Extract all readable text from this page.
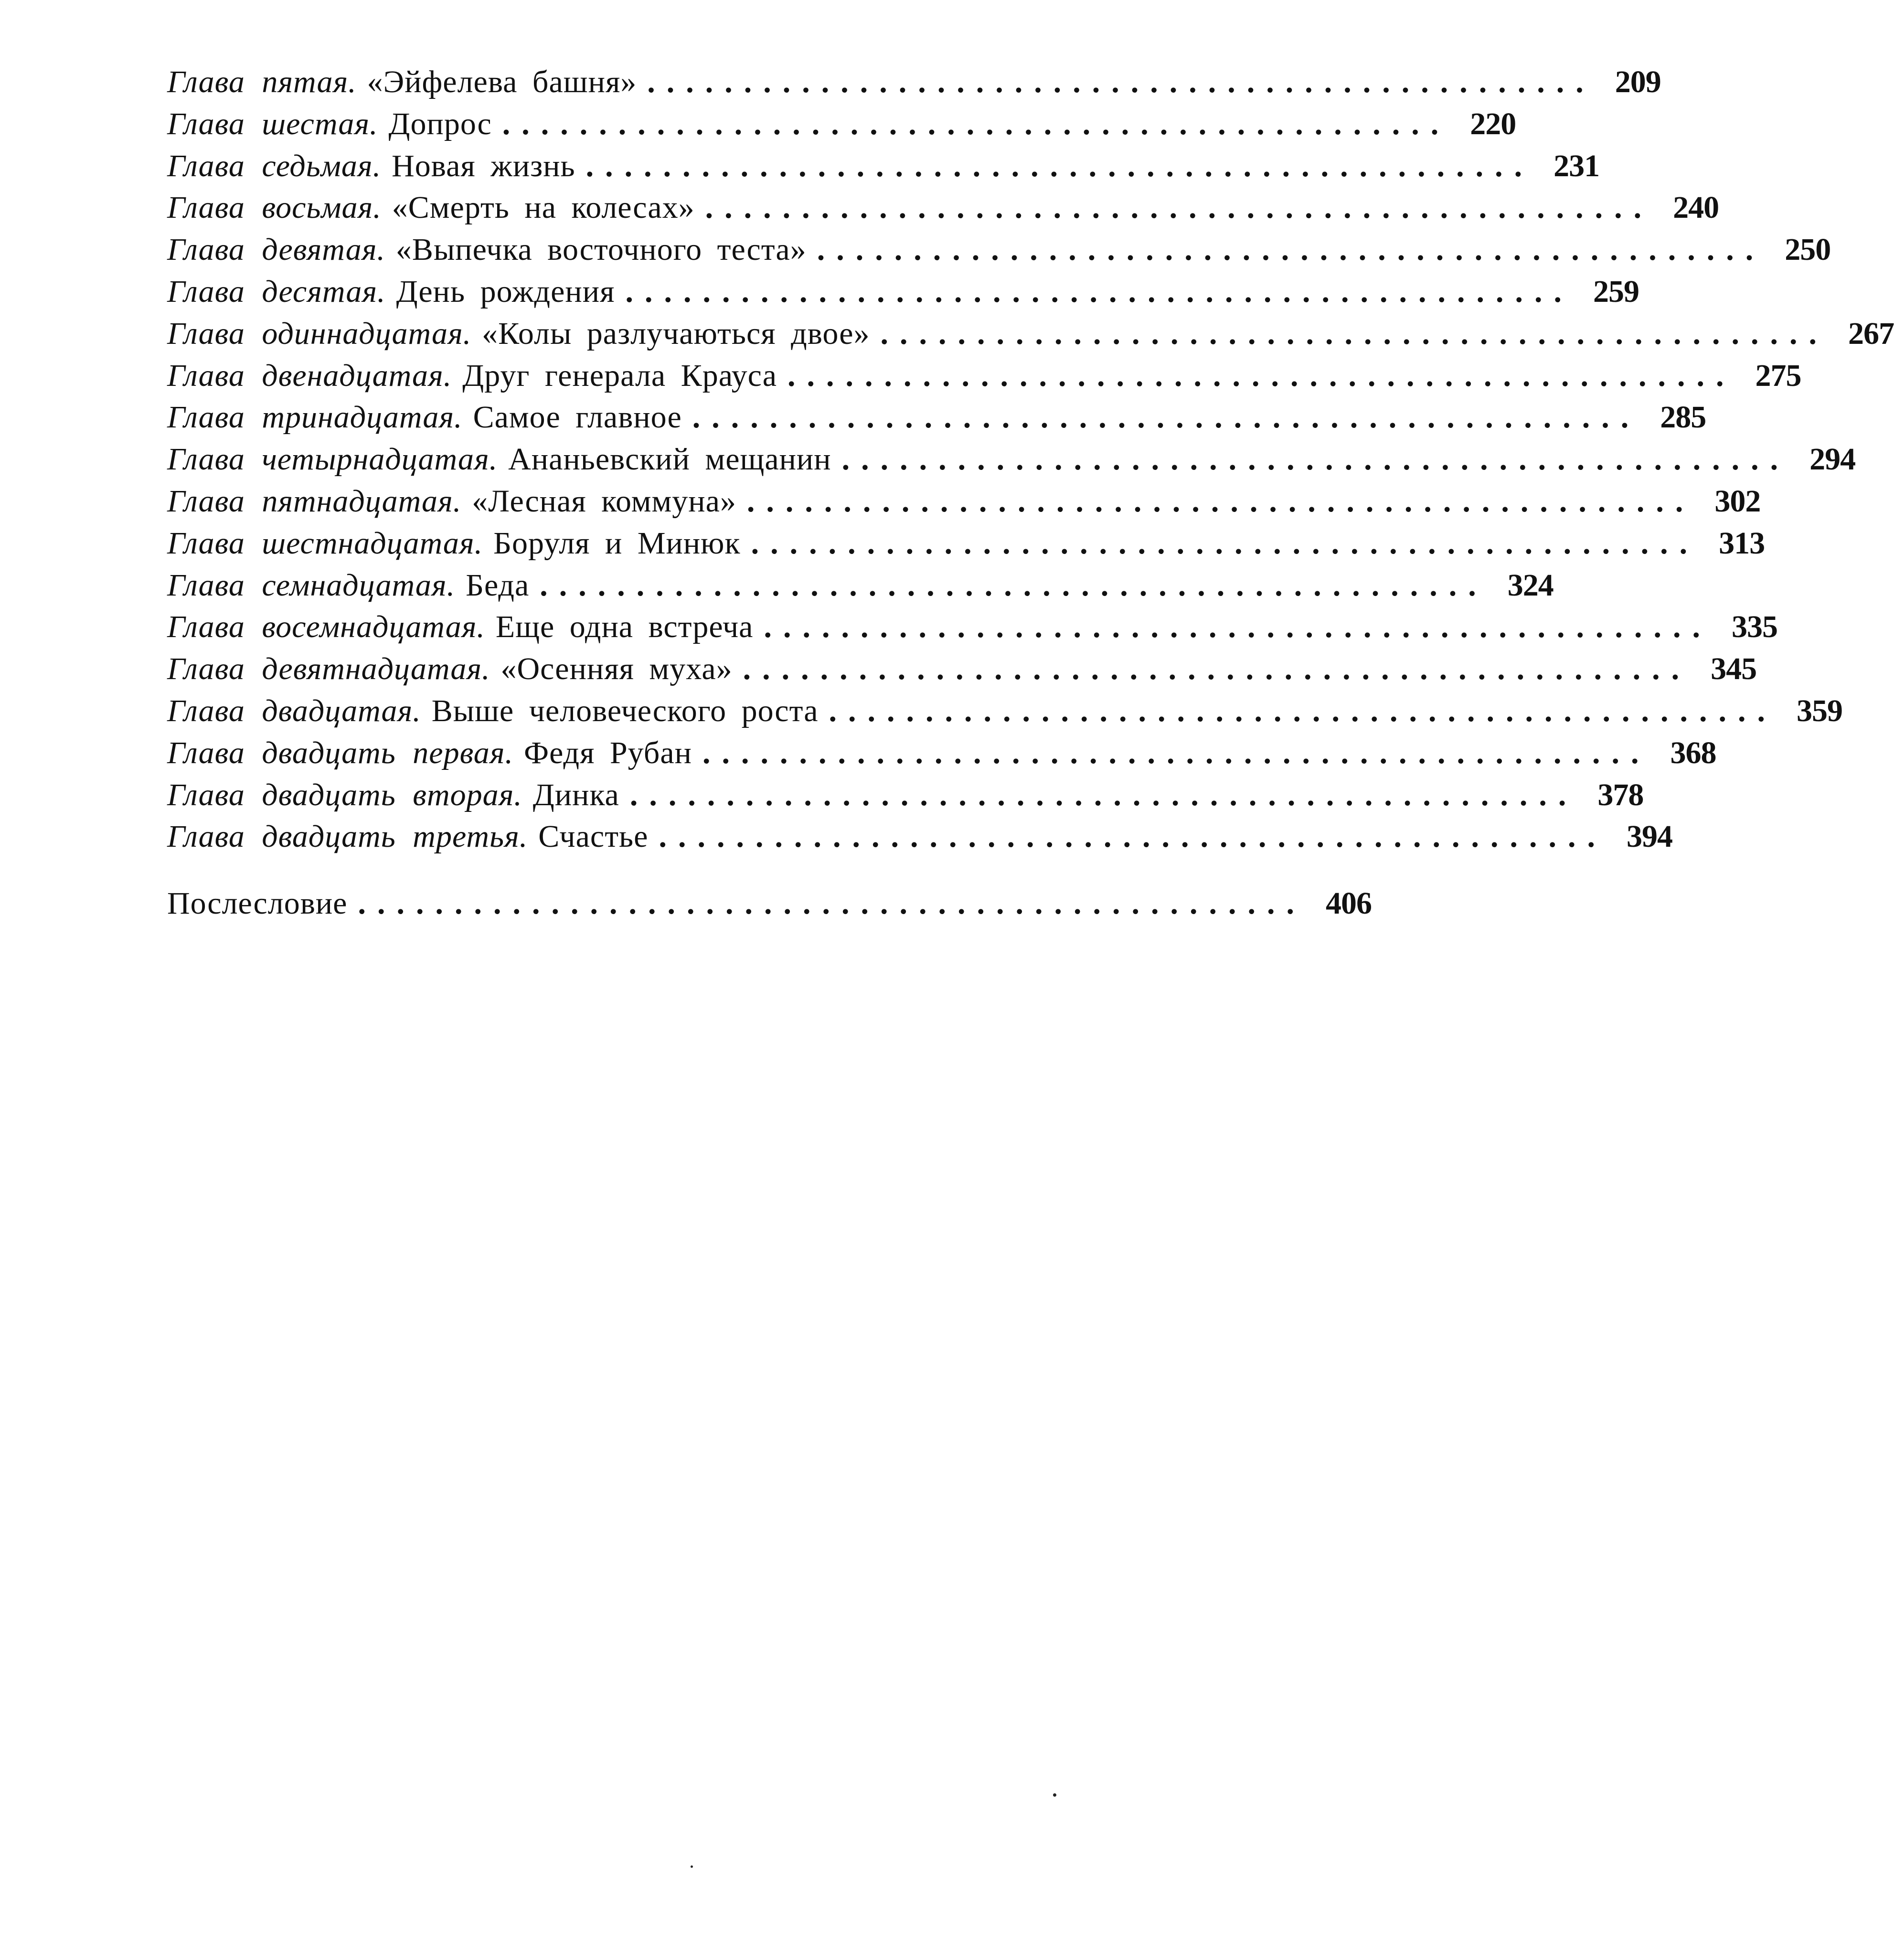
Глава пятая. «Эйфелева башня» ................................................. 209
Глава шестая. Допрос ................................................. 220
Глава седьмая. Новая жизнь ................................................. 231
Глава восьмая. «Смерть на колесах» ................................................. 240
Глава девятая. «Выпечка восточного теста» ................................................. 250
Глава десятая. День рождения ................................................. 259
Глава одиннадцатая. «Колы разлучаються двое» ................................................. 267
Глава двенадцатая. Друг генерала Крауса ................................................. 275
Глава тринадцатая. Самое главное ................................................. 285
Глава четырнадцатая. Ананьевский мещанин ................................................. 294
Глава пятнадцатая. «Лесная коммуна» ................................................. 302
Глава шестнадцатая. Боруля и Минюк ................................................. 313
Глава семнадцатая. Беда ................................................. 324
Глава восемнадцатая. Еще одна встреча ................................................. 335
Глава девятнадцатая. «Осенняя муха» ................................................. 345
Глава двадцатая. Выше человеческого роста ................................................. 359
Глава двадцать первая. Федя Рубан ................................................. 368
Глава двадцать вторая. Динка ................................................. 378
Глава двадцать третья. Счастье ................................................. 394
Послесловие ................................................. 406
